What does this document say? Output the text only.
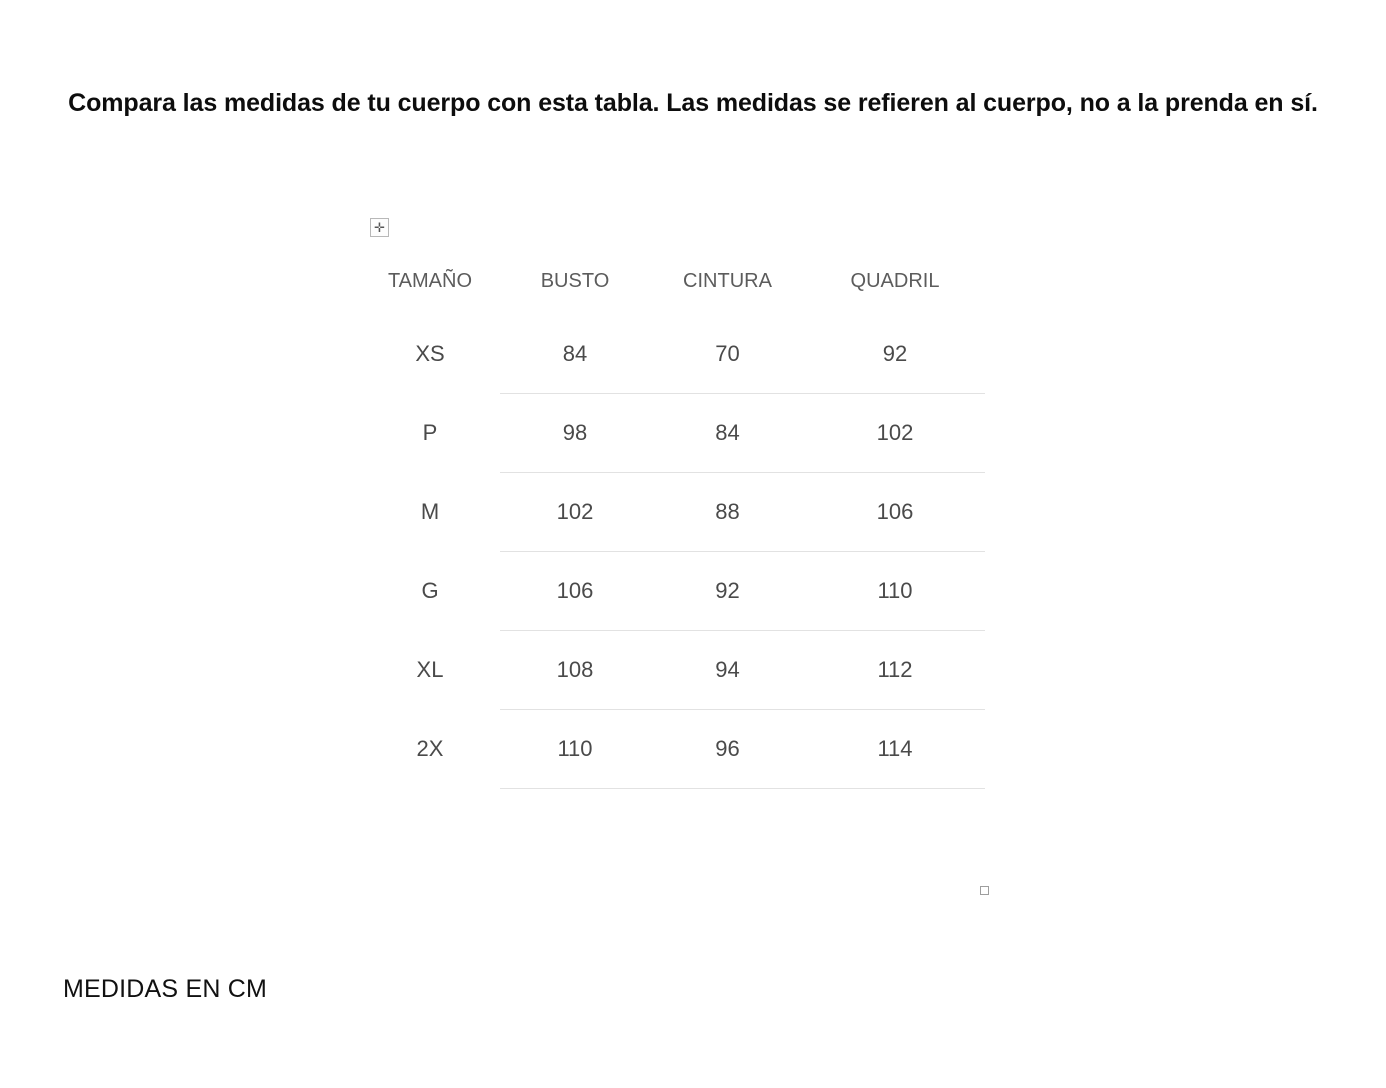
Compara las medidas de tu cuerpo con esta tabla. Las medidas se refieren al cuerpo, no a la prenda en sí.
✛
TAMAÑO	BUSTO	CINTURA	QUADRIL
XS	84	70	92
P	98	84	102
M	102	88	106
G	106	92	110
XL	108	94	112
2X	110	96	114
MEDIDAS EN CM
